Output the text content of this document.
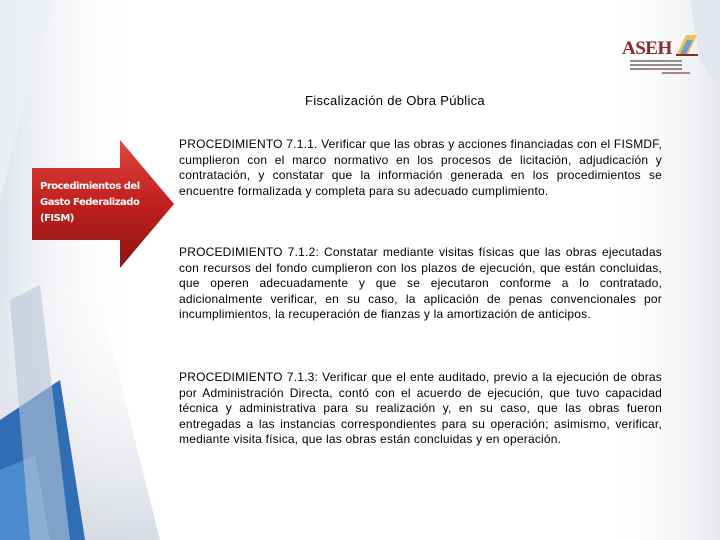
ASEH
Fiscalización de Obra Pública
Procedimientos del Gasto Federalizado (FISM)
PROCEDIMIENTO 7.1.1. Verificar que las obras y acciones financiadas con el FISMDF, cumplieron con el marco normativo en los procesos de licitación, adjudicación y contratación, y constatar que la información generada en los procedimientos se encuentre formalizada y completa para su adecuado cumplimiento.
PROCEDIMIENTO 7.1.2: Constatar mediante visitas físicas que las obras ejecutadas con recursos del fondo cumplieron con los plazos de ejecución, que están concluidas, que operen adecuadamente y que se ejecutaron conforme a lo contratado, adicionalmente verificar, en su caso, la aplicación de penas convencionales por incumplimientos, la recuperación de fianzas y la amortización de anticipos.
PROCEDIMIENTO 7.1.3: Verificar que el ente auditado, previo a la ejecución de obras por Administración Directa, contó con el acuerdo de ejecución, que tuvo capacidad técnica y administrativa para su realización y, en su caso, que las obras fueron entregadas a las instancias correspondientes para su operación; asimismo, verificar, mediante visita física, que las obras están concluidas y en operación.
